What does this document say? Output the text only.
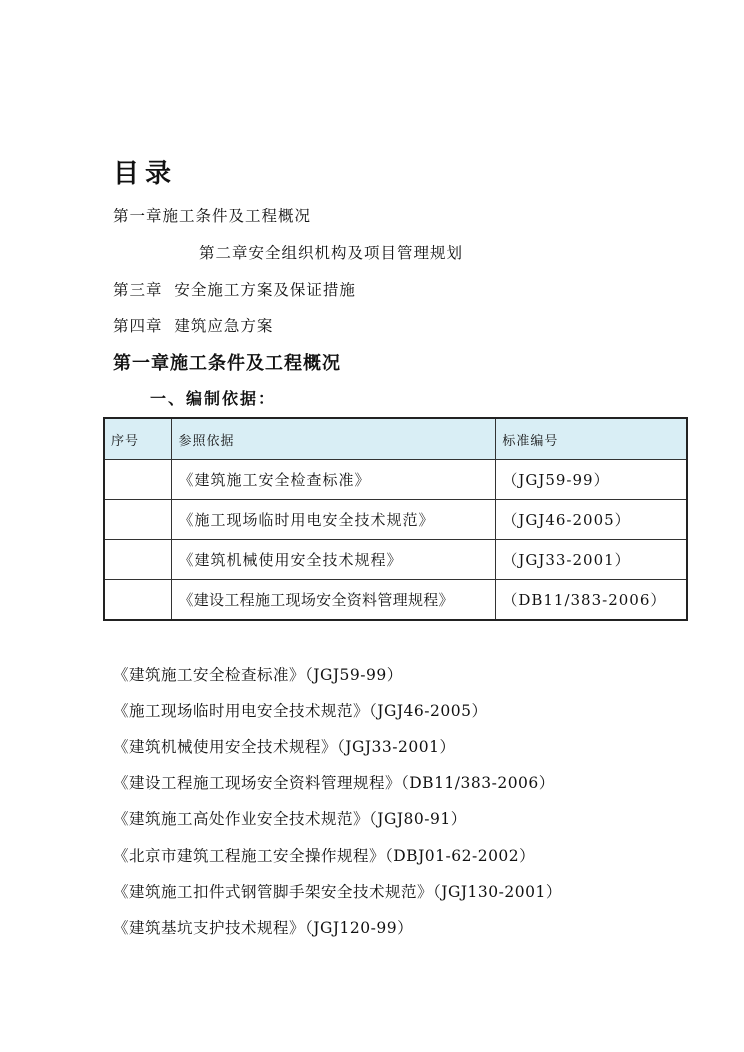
目录
第一章施工条件及工程概况
第二章安全组织机构及项目管理规划
第三章  安全施工方案及保证措施
第四章  建筑应急方案
第一章施工条件及工程概况
一、编制依据：
序号	参照依据	标准编号
	《建筑施工安全检查标准》	（JGJ59-99）
	《施工现场临时用电安全技术规范》	（JGJ46-2005）
	《建筑机械使用安全技术规程》	（JGJ33-2001）
	《建设工程施工现场安全资料管理规程》	（DB11/383-2006）
《建筑施工安全检查标准》（JGJ59-99）
《施工现场临时用电安全技术规范》（JGJ46-2005）
《建筑机械使用安全技术规程》（JGJ33-2001）
《建设工程施工现场安全资料管理规程》（DB11/383-2006）
《建筑施工高处作业安全技术规范》（JGJ80-91）
《北京市建筑工程施工安全操作规程》（DBJ01-62-2002）
《建筑施工扣件式钢管脚手架安全技术规范》（JGJ130-2001）
《建筑基坑支护技术规程》（JGJ120-99）
